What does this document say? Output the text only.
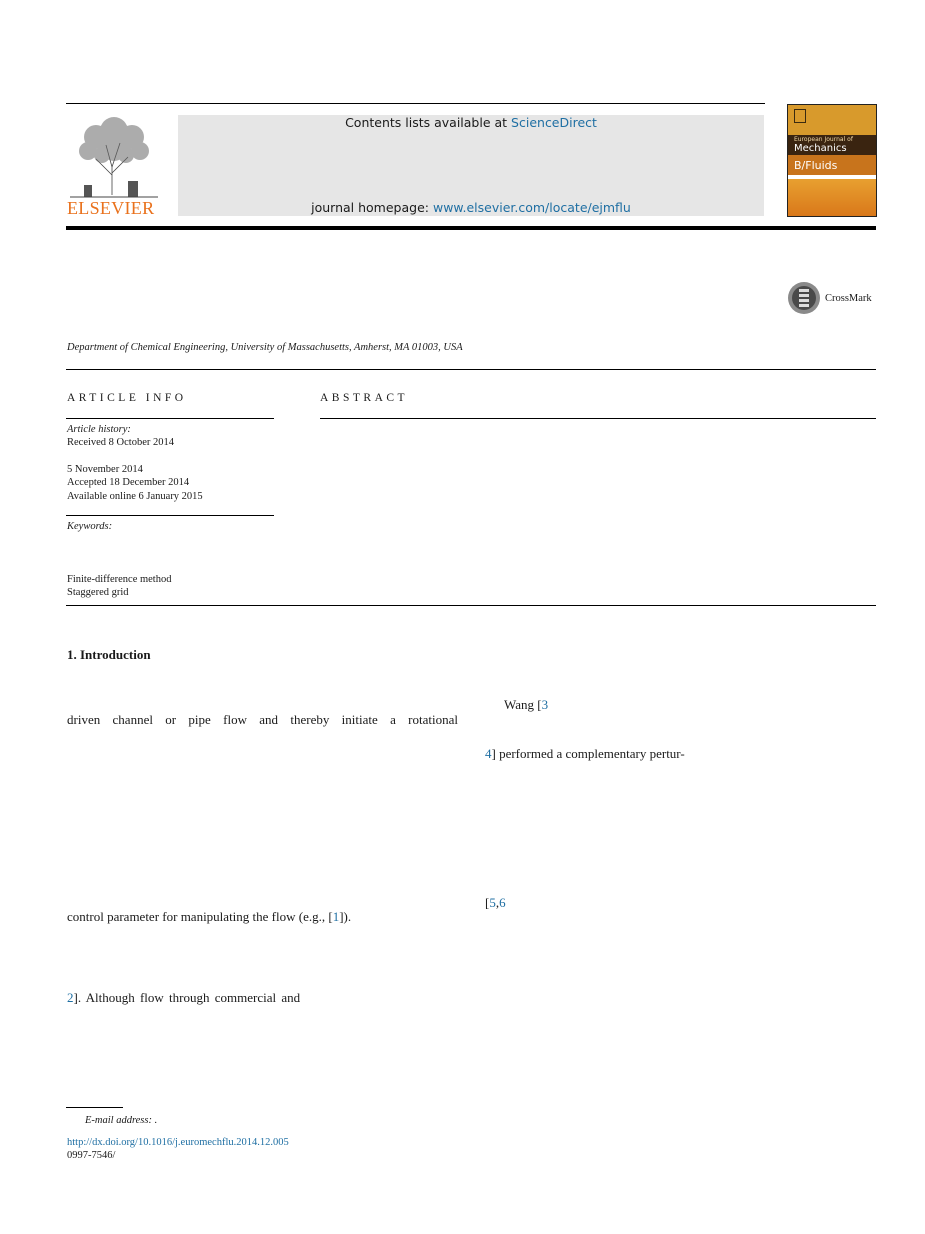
ELSEVIER
Contents lists available at ScienceDirect
journal homepage: www.elsevier.com/locate/ejmflu
European Journal of
Mechanics
B/Fluids
CrossMark
Department of Chemical Engineering, University of Massachusetts, Amherst, MA 01003, USA
ARTICLE INFO
Article history:
Received 8 October 2014
5 November 2014
Accepted 18 December 2014
Available online 6 January 2015
Keywords:
Finite-difference method
Staggered grid
ABSTRACT
1. Introduction
driven channel or pipe flow and thereby initiate a rotational
control parameter for manipulating the flow (e.g., [1]).
2]. Although flow through commercial and
Wang [3
4] performed a complementary pertur-
[5,6
E-mail address: .
http://dx.doi.org/10.1016/j.euromechflu.2014.12.005
0997-7546/
